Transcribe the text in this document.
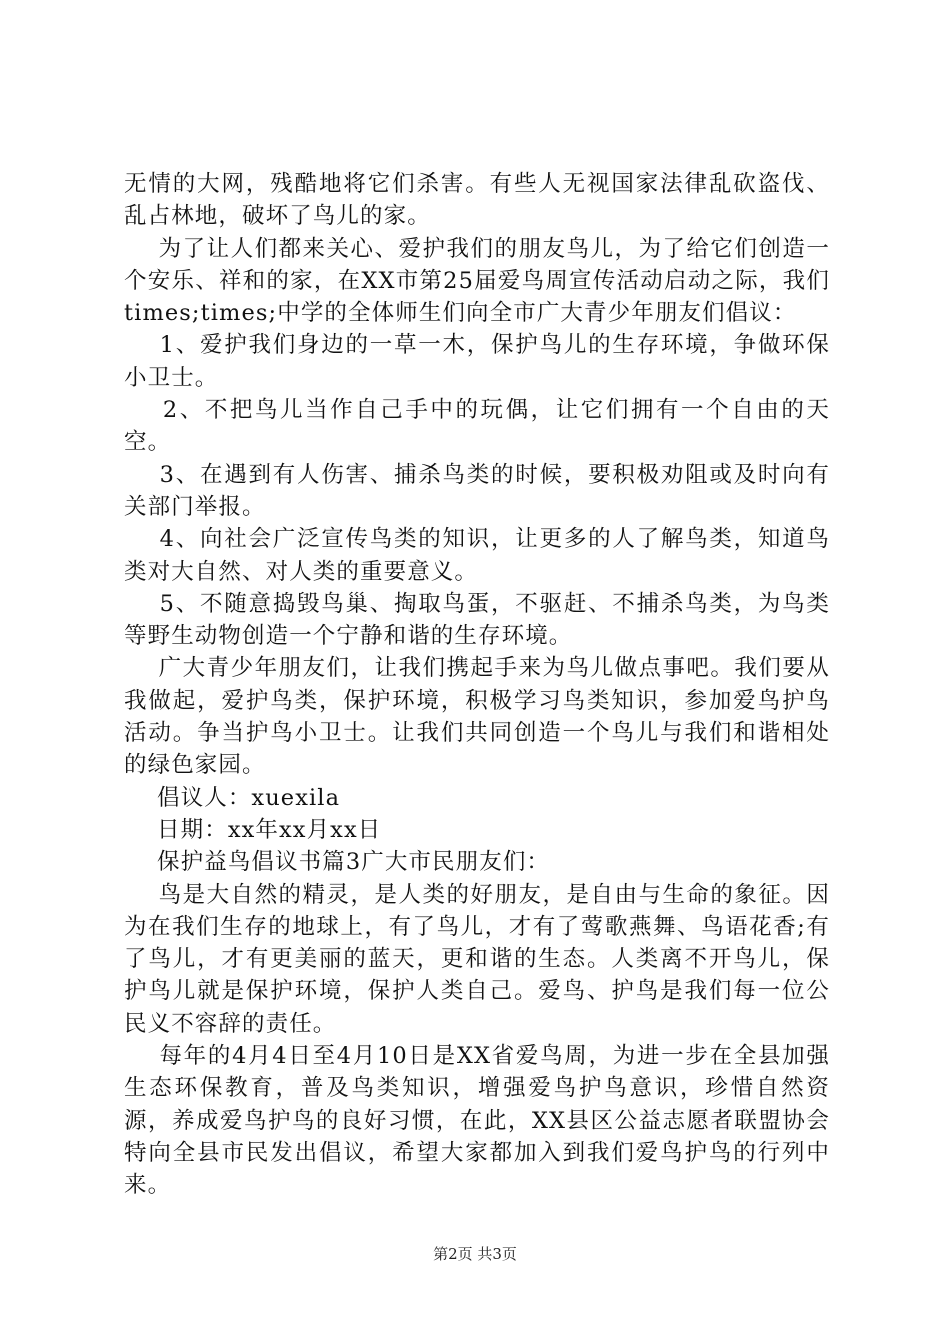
无情的大网，残酷地将它们杀害。有些人无视国家法律乱砍盗伐、乱占林地，破坏了鸟儿的家。

为了让人们都来关心、爱护我们的朋友鸟儿，为了给它们创造一个安乐、祥和的家，在XX市第25届爱鸟周宣传活动启动之际，我们times;times;中学的全体师生们向全市广大青少年朋友们倡议：

1、爱护我们身边的一草一木，保护鸟儿的生存环境，争做环保小卫士。

2、不把鸟儿当作自己手中的玩偶，让它们拥有一个自由的天空。

3、在遇到有人伤害、捕杀鸟类的时候，要积极劝阻或及时向有关部门举报。

4、向社会广泛宣传鸟类的知识，让更多的人了解鸟类，知道鸟类对大自然、对人类的重要意义。

5、不随意捣毁鸟巢、掏取鸟蛋，不驱赶、不捕杀鸟类，为鸟类等野生动物创造一个宁静和谐的生存环境。

广大青少年朋友们，让我们携起手来为鸟儿做点事吧。我们要从我做起，爱护鸟类，保护环境，积极学习鸟类知识，参加爱鸟护鸟活动。争当护鸟小卫士。让我们共同创造一个鸟儿与我们和谐相处的绿色家园。

倡议人：xuexila

日期：xx年xx月xx日

保护益鸟倡议书篇3广大市民朋友们：

鸟是大自然的精灵，是人类的好朋友，是自由与生命的象征。因为在我们生存的地球上，有了鸟儿，才有了莺歌燕舞、鸟语花香;有了鸟儿，才有更美丽的蓝天，更和谐的生态。人类离不开鸟儿，保护鸟儿就是保护环境，保护人类自己。爱鸟、护鸟是我们每一位公民义不容辞的责任。

每年的4月4日至4月10日是XX省爱鸟周，为进一步在全县加强生态环保教育，普及鸟类知识，增强爱鸟护鸟意识，珍惜自然资源，养成爱鸟护鸟的良好习惯，在此，XX县区公益志愿者联盟协会特向全县市民发出倡议，希望大家都加入到我们爱鸟护鸟的行列中来。

第2页 共3页
